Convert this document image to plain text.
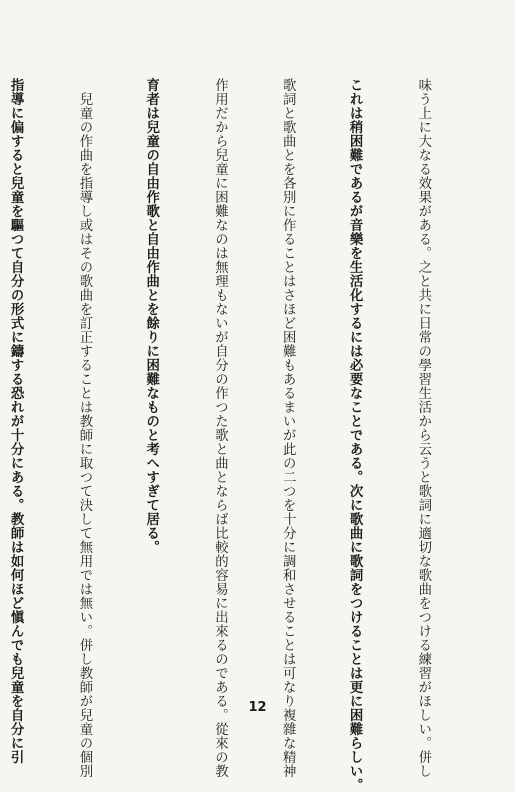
味う上に大なる效果がある。之と共に日常の學習生活から云うと歌詞に適切な歌曲をつける練習がほしい。併し

これは稍困難であるが音樂を生活化するには必要なことである。次に歌曲に歌詞をつけることは更に困難らしい。

歌詞と歌曲とを各別に作ることはさほど困難もあるまいが此の二つを十分に調和させることは可なり複雜な精神

作用だから兒童に困難なのは無理もないが自分の作つた歌と曲とならば比較的容易に出來るのである。從來の教

育者は兒童の自由作歌と自由作曲とを餘りに困難なものと考へすぎて居る。

　兒童の作曲を指導し或はその歌曲を訂正することは教師に取つて決して無用では無い。併し教師が兒童の個別

指導に偏すると兒童を驅つて自分の形式に鑄する恐れが十分にある。教師は如何ほど愼んでも兒童を自分に引

	12
